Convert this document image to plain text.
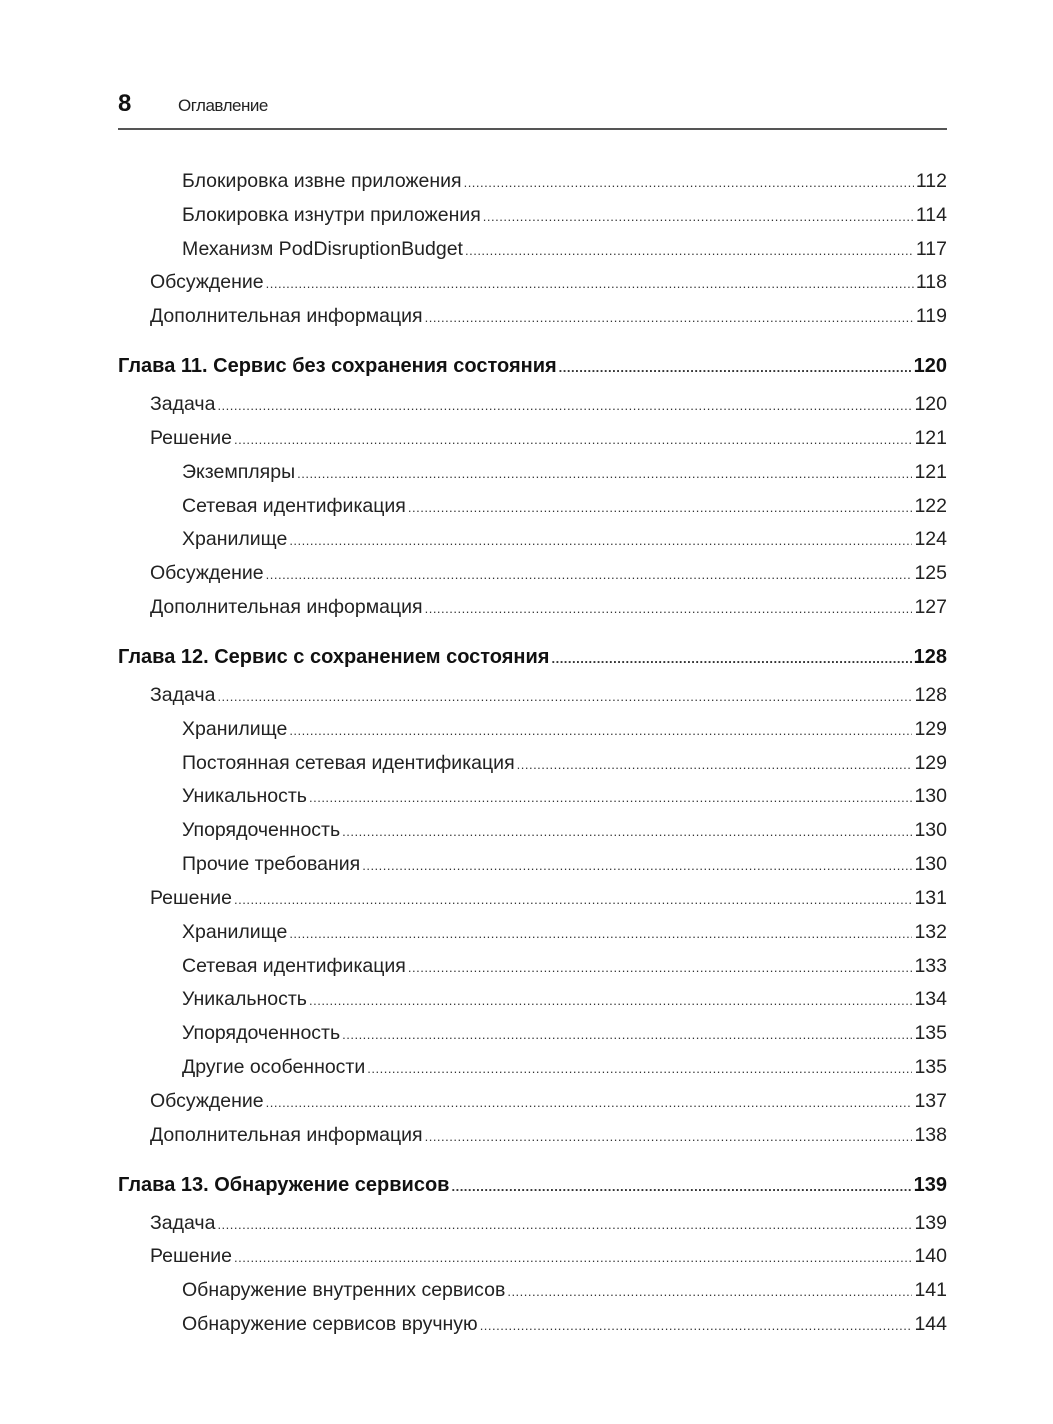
8	Оглавление
Блокировка извне приложения .....	112
Блокировка изнутри приложения .....	114
Механизм PodDisruptionBudget .....	117
Обсуждение .....	118
Дополнительная информация .....	119
Глава 11. Сервис без сохранения состояния .....	120
Задача .....	120
Решение .....	121
Экземпляры .....	121
Сетевая идентификация .....	122
Хранилище .....	124
Обсуждение .....	125
Дополнительная информация .....	127
Глава 12. Сервис с сохранением состояния .....	128
Задача .....	128
Хранилище .....	129
Постоянная сетевая идентификация .....	129
Уникальность .....	130
Упорядоченность .....	130
Прочие требования .....	130
Решение .....	131
Хранилище .....	132
Сетевая идентификация .....	133
Уникальность .....	134
Упорядоченность .....	135
Другие особенности .....	135
Обсуждение .....	137
Дополнительная информация .....	138
Глава 13. Обнаружение сервисов .....	139
Задача .....	139
Решение .....	140
Обнаружение внутренних сервисов .....	141
Обнаружение сервисов вручную .....	144
